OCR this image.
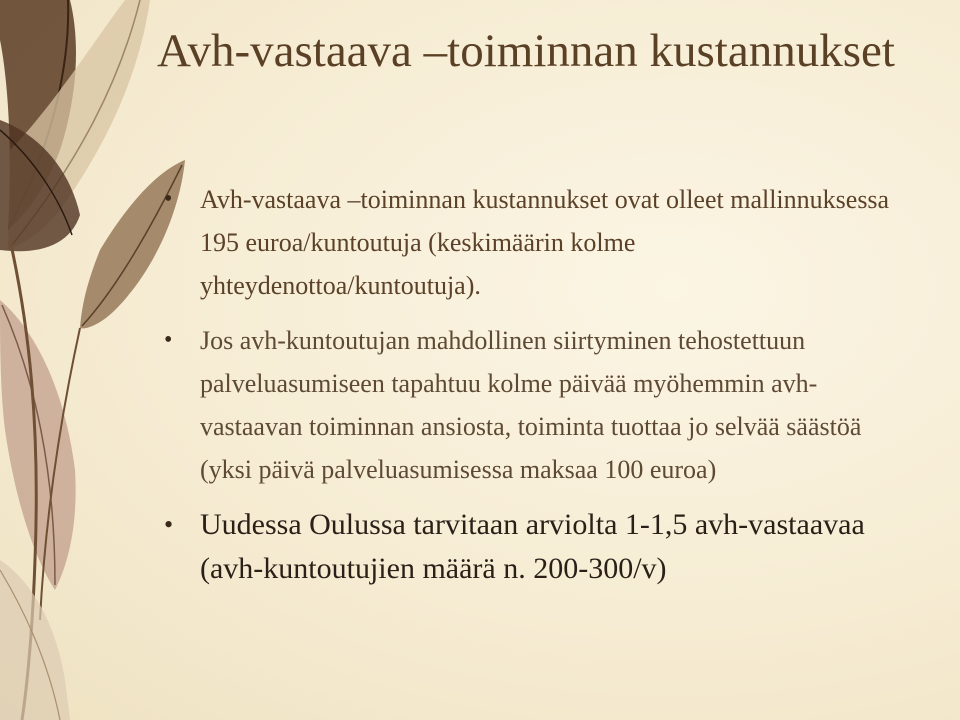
Avh-vastaava –toiminnan kustannukset
• Avh-vastaava –toiminnan kustannukset ovat olleet mallinnuksessa 195 euroa/kuntoutuja (keskimäärin kolme yhteydenottoa/kuntoutuja).
• Jos avh-kuntoutujan mahdollinen siirtyminen tehostettuun palveluasumiseen tapahtuu kolme päivää myöhemmin avh-vastaavan toiminnan ansiosta, toiminta tuottaa jo selvää säästöä (yksi päivä palveluasumisessa maksaa 100 euroa)
• Uudessa Oulussa tarvitaan arviolta 1-1,5 avh-vastaavaa (avh-kuntoutujien määrä n. 200-300/v)
